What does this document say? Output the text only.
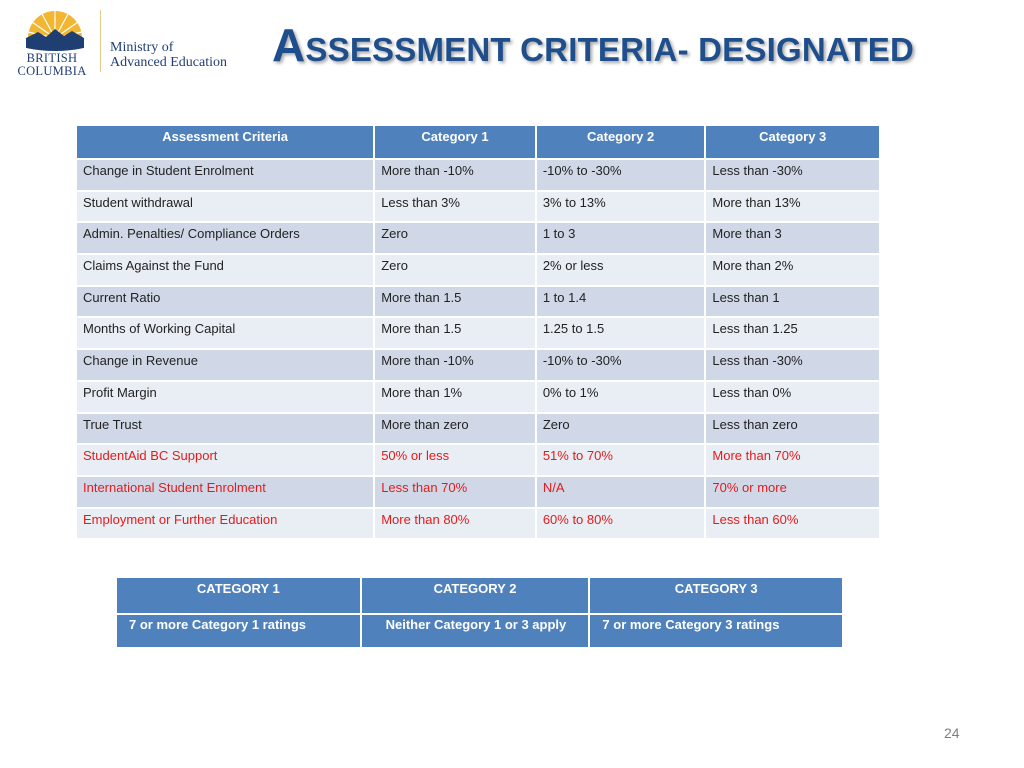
BRITISH
COLUMBIA
Ministry of
Advanced Education ASSESSMENT CRITERIA- DESIGNATED
Assessment Criteria	Category 1	Category 2	Category 3
Change in Student Enrolment	More than -10%	-10% to -30%	Less than -30%
Student withdrawal	Less than 3%	3% to 13%	More than 13%
Admin. Penalties/ Compliance Orders	Zero	1 to 3	More than 3
Claims Against the Fund	Zero	2% or less	More than 2%
Current Ratio	More than 1.5	1 to 1.4	Less than 1
Months of Working Capital	More than 1.5	1.25 to 1.5	Less than 1.25
Change in Revenue	More than -10%	-10% to -30%	Less than -30%
Profit Margin	More than 1%	0% to 1%	Less than 0%
True Trust	More than zero	Zero	Less than zero
StudentAid BC Support	50% or less	51% to 70%	More than 70%
International Student Enrolment	Less than 70%	N/A	70% or more
Employment or Further Education	More than 80%	60% to 80%	Less than 60%
CATEGORY 1	CATEGORY 2	CATEGORY 3
7 or more Category 1 ratings	Neither Category 1 or 3 apply	7 or more Category 3 ratings
24
